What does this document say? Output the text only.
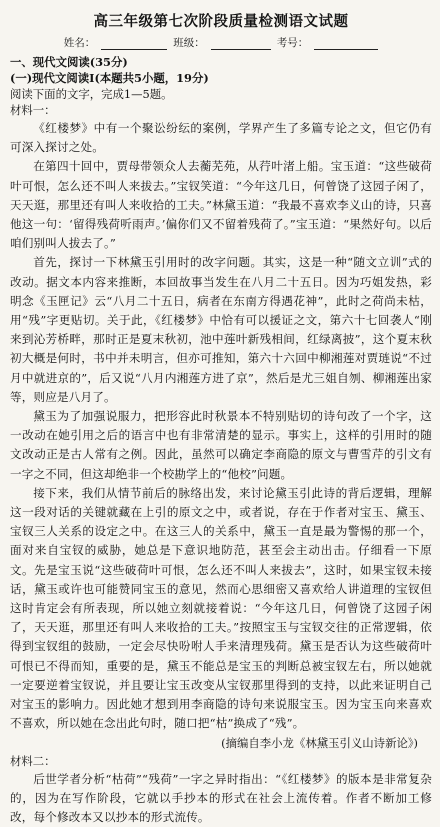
高三年级第七次阶段质量检测语文试题
姓名：	班级：	考号：
一、现代文阅读(35分)
(一)现代文阅读Ⅰ(本题共5小题，19分)
阅读下面的文字，完成1—5题。
材料一：

《红楼梦》中有一个聚讼纷纭的案例，学界产生了多篇专论之文，但它仍有可深入探讨之处。

在第四十回中，贾母带领众人去蘅芜苑，从荇叶渚上船。宝玉道：“这些破荷叶可恨，怎么还不叫人来拔去。”宝钗笑道：“今年这几日，何曾饶了这园子闲了，天天逛，那里还有叫人来收拾的工夫。”林黛玉道：“我最不喜欢李义山的诗，只喜他这一句：‘留得残荷听雨声。’偏你们又不留着残荷了。”宝玉道：“果然好句。以后咱们别叫人拔去了。”

首先，探讨一下林黛玉引用时的改字问题。其实，这是一种“随文立训”式的改动。据文本内容来推断，本回故事当发生在八月二十五日。因为巧姐发热，彩明念《玉匣记》云“八月二十五日，病者在东南方得遇花神”，此时之荷尚未枯，用“残”字更贴切。关于此，《红楼梦》中恰有可以援证之文，第六十七回袭人“刚来到沁芳桥畔，那时正是夏末秋初，池中莲叶新残相间，红绿离披”，这个夏末秋初大概是何时，书中并未明言，但亦可推知，第六十六回中柳湘莲对贾琏说“不过月中就进京的”，后又说“八月内湘莲方进了京”，然后是尤三姐自刎、柳湘莲出家等，则应是八月了。

黛玉为了加强说服力，把形容此时秋景本不特别贴切的诗句改了一个字，这一改动在她引用之后的语言中也有非常清楚的显示。事实上，这样的引用时的随文改动正是古人常有之例。因此，虽然可以确定李商隐的原文与曹雪芹的引文有一字之不同，但这却绝非一个校勘学上的“他校”问题。

接下来，我们从情节前后的脉络出发，来讨论黛玉引此诗的背后逻辑，理解这一段对话的关键就藏在上引的原文之中，或者说，存在于作者对宝玉、黛玉、宝钗三人关系的设定之中。在这三人的关系中，黛玉一直是最为警惕的那一个，面对来自宝钗的威胁，她总是下意识地防范，甚至会主动出击。仔细看一下原文。先是宝玉说“这些破荷叶可恨，怎么还不叫人来拔去”，这时，如果宝钗未接话，黛玉或许也可能赞同宝玉的意见，然而心思细密又喜欢给人讲道理的宝钗但这时肯定会有所表现，所以她立刻就接着说：“今年这几日，何曾饶了这园子闲了，天天逛，那里还有叫人来收拾的工夫。”按照宝玉与宝钗交往的正常逻辑，依得到宝钗组的鼓励，一定会尽快吩咐人手来清理残荷。黛玉是否认为这些破荷叶可恨已不得而知，重要的是，黛玉不能总是宝玉的判断总被宝钗左右，所以她就一定要逆着宝钗说，并且要让宝玉改变从宝钗那里得到的支持，以此来证明自己对宝玉的影响力。因此她才想到用李商隐的诗句来说服宝玉。因为宝玉向来喜欢不喜欢，所以她在念出此句时，随口把“枯”换成了“残”。

(摘编自李小龙《林黛玉引义山诗新论》)
材料二：

后世学者分析“枯荷”“残荷”一字之异时指出：“《红楼梦》的版本是非常复杂的，因为在写作阶段，它就以手抄本的形式在社会上流传着。作者不断加工修改，每个修改本又以抄本的形式流传。
